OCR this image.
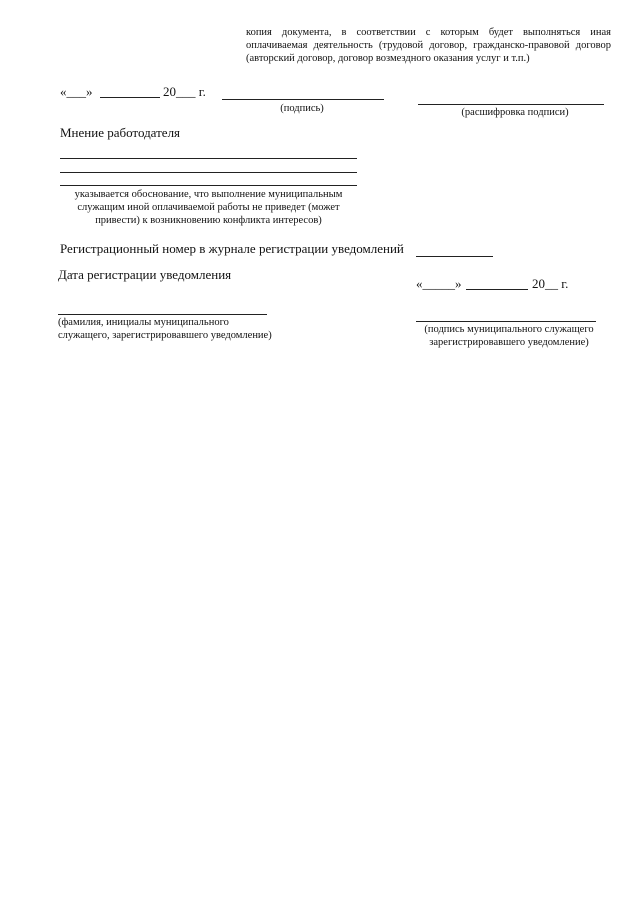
копия документа, в соответствии с которым будет выполняться иная
оплачиваемая деятельность (трудовой договор, гражданско-правовой договор
(авторский договор, договор возмездного оказания услуг и т.п.)
«___»	20___ г.
(подпись)	(расшифровка подписи)
Мнение работодателя
указывается обоснование, что выполнение муниципальным
служащим иной оплачиваемой работы не приведет (может
привести) к возникновению конфликта интересов)
Регистрационный номер в журнале регистрации уведомлений
Дата регистрации уведомления
«_____»	20__ г.
(фамилия, инициалы муниципального
служащего, зарегистрировавшего уведомление)
(подпись муниципального служащего
зарегистрировавшего уведомление)
